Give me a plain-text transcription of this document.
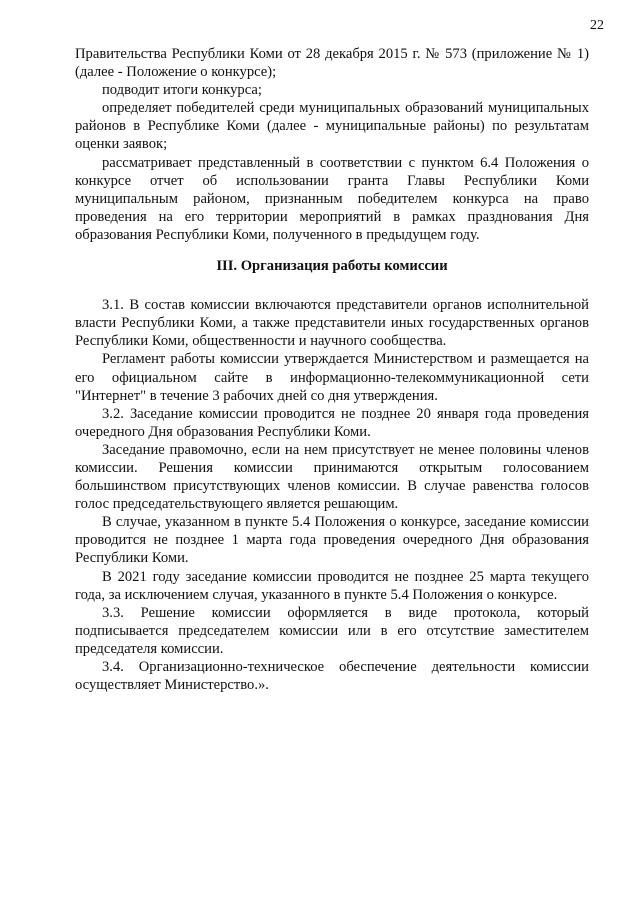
22

Правительства Республики Коми от 28 декабря 2015 г. № 573 (приложение № 1) (далее - Положение о конкурсе);

подводит итоги конкурса;

определяет победителей среди муниципальных образований муниципальных районов в Республике Коми (далее - муниципальные районы) по результатам оценки заявок;

рассматривает представленный в соответствии с пунктом 6.4 Положения о конкурсе отчет об использовании гранта Главы Республики Коми муниципальным районом, признанным победителем конкурса на право проведения на его территории мероприятий в рамках празднования Дня образования Республики Коми, полученного в предыдущем году.

III. Организация работы комиссии

3.1. В состав комиссии включаются представители органов исполнительной власти Республики Коми, а также представители иных государственных органов Республики Коми, общественности и научного сообщества.

Регламент работы комиссии утверждается Министерством и размещается на его официальном сайте в информационно-телекоммуникационной сети "Интернет" в течение 3 рабочих дней со дня утверждения.

3.2. Заседание комиссии проводится не позднее 20 января года проведения очередного Дня образования Республики Коми.

Заседание правомочно, если на нем присутствует не менее половины членов комиссии. Решения комиссии принимаются открытым голосованием большинством присутствующих членов комиссии. В случае равенства голосов голос председательствующего является решающим.

В случае, указанном в пункте 5.4 Положения о конкурсе, заседание комиссии проводится не позднее 1 марта года проведения очередного Дня образования Республики Коми.

В 2021 году заседание комиссии проводится не позднее 25 марта текущего года, за исключением случая, указанного в пункте 5.4 Положения о конкурсе.

3.3. Решение комиссии оформляется в виде протокола, который подписывается председателем комиссии или в его отсутствие заместителем председателя комиссии.

3.4. Организационно-техническое обеспечение деятельности комиссии осуществляет Министерство.».
